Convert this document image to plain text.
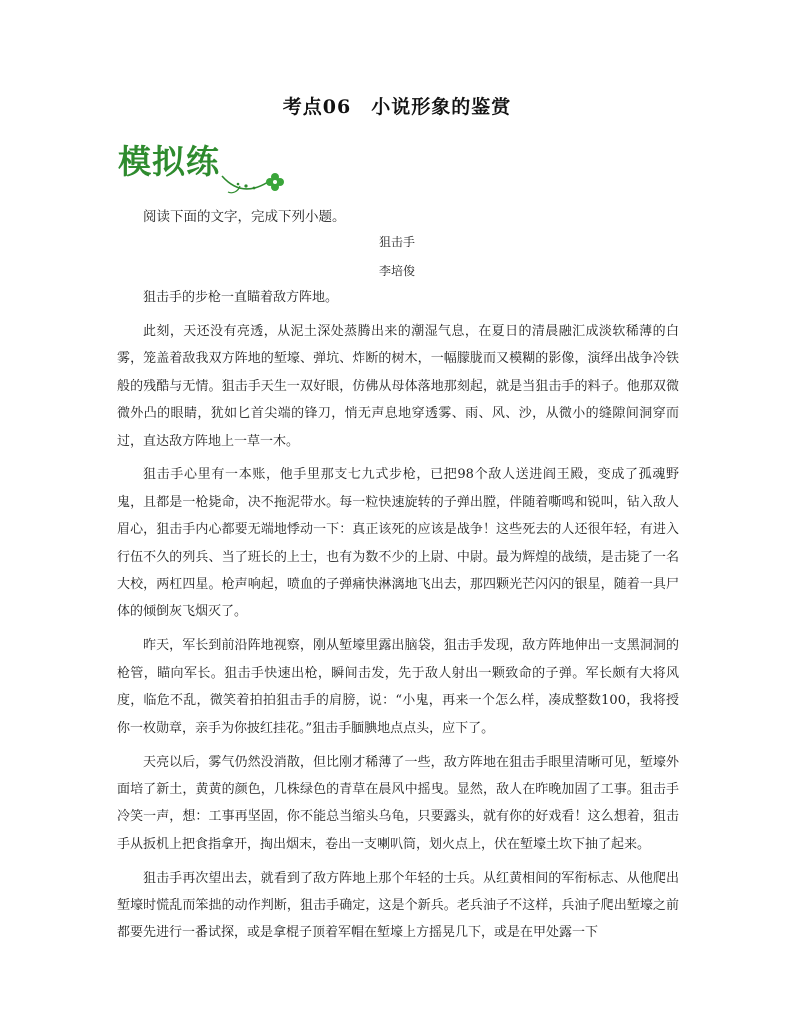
考点06　小说形象的鉴赏
模拟练
阅读下面的文字，完成下列小题。
狙击手
李培俊

狙击手的步枪一直瞄着敌方阵地。

此刻，天还没有亮透，从泥土深处蒸腾出来的潮湿气息，在夏日的清晨融汇成淡软稀薄的白雾，笼盖着敌我双方阵地的堑壕、弹坑、炸断的树木，一幅朦胧而又模糊的影像，演绎出战争冷铁般的残酷与无情。狙击手天生一双好眼，仿佛从母体落地那刻起，就是当狙击手的料子。他那双微微外凸的眼睛，犹如匕首尖端的锋刀，悄无声息地穿透雾、雨、风、沙，从微小的缝隙间洞穿而过，直达敌方阵地上一草一木。

狙击手心里有一本账，他手里那支七九式步枪，已把98个敌人送进阎王殿，变成了孤魂野鬼，且都是一枪毙命，决不拖泥带水。每一粒快速旋转的子弹出膛，伴随着嘶鸣和锐叫，钻入敌人眉心，狙击手内心都要无端地悸动一下：真正该死的应该是战争！这些死去的人还很年轻，有进入行伍不久的列兵、当了班长的上士，也有为数不少的上尉、中尉。最为辉煌的战绩，是击毙了一名大校，两杠四星。枪声响起，喷血的子弹痛快淋漓地飞出去，那四颗光芒闪闪的银星，随着一具尸体的倾倒灰飞烟灭了。

昨天，军长到前沿阵地视察，刚从堑壕里露出脑袋，狙击手发现，敌方阵地伸出一支黑洞洞的枪管，瞄向军长。狙击手快速出枪，瞬间击发，先于敌人射出一颗致命的子弹。军长颇有大将风度，临危不乱，微笑着拍拍狙击手的肩膀，说：“小鬼，再来一个怎么样，凑成整数100，我将授你一枚勋章，亲手为你披红挂花。”狙击手腼腆地点点头，应下了。

天亮以后，雾气仍然没消散，但比刚才稀薄了一些，敌方阵地在狙击手眼里清晰可见，堑壕外面培了新土，黄黄的颜色，几株绿色的青草在晨风中摇曳。显然，敌人在昨晚加固了工事。狙击手冷笑一声，想：工事再坚固，你不能总当缩头乌龟，只要露头，就有你的好戏看！这么想着，狙击手从扳机上把食指拿开，掏出烟末，卷出一支喇叭筒，划火点上，伏在堑壕土坎下抽了起来。

狙击手再次望出去，就看到了敌方阵地上那个年轻的士兵。从红黄相间的军衔标志、从他爬出堑壕时慌乱而笨拙的动作判断，狙击手确定，这是个新兵。老兵油子不这样，兵油子爬出堑壕之前都要先进行一番试探，或是拿棍子顶着军帽在堑壕上方摇晃几下，或是在甲处露一下
